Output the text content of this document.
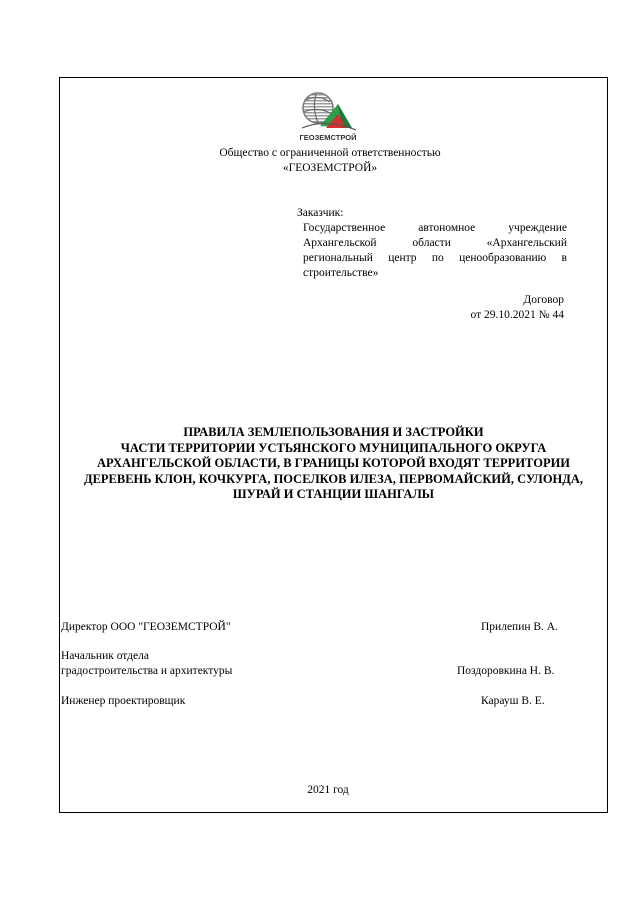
ГЕОЗЕМСТРОЙ
Общество с ограниченной ответственностью
«ГЕОЗЕМСТРОЙ»
Заказчик:
Государственное автономное учреждение
Архангельской области «Архангельский
региональный центр по ценообразованию в
строительстве»
Договор
от 29.10.2021 № 44
ПРАВИЛА ЗЕМЛЕПОЛЬЗОВАНИЯ И ЗАСТРОЙКИ
ЧАСТИ ТЕРРИТОРИИ УСТЬЯНСКОГО МУНИЦИПАЛЬНОГО ОКРУГА
АРХАНГЕЛЬСКОЙ ОБЛАСТИ, В ГРАНИЦЫ КОТОРОЙ ВХОДЯТ ТЕРРИТОРИИ
ДЕРЕВЕНЬ КЛОН, КОЧКУРГА, ПОСЕЛКОВ ИЛЕЗА, ПЕРВОМАЙСКИЙ, СУЛОНДА,
ШУРАЙ И СТАНЦИИ ШАНГАЛЫ
Директор ООО "ГЕОЗЕМСТРОЙ"	Прилепин В. А.
Начальник отдела
градостроительства и архитектуры	Поздоровкина Н. В.
Инженер проектировщик	Карауш В. Е.
2021 год
